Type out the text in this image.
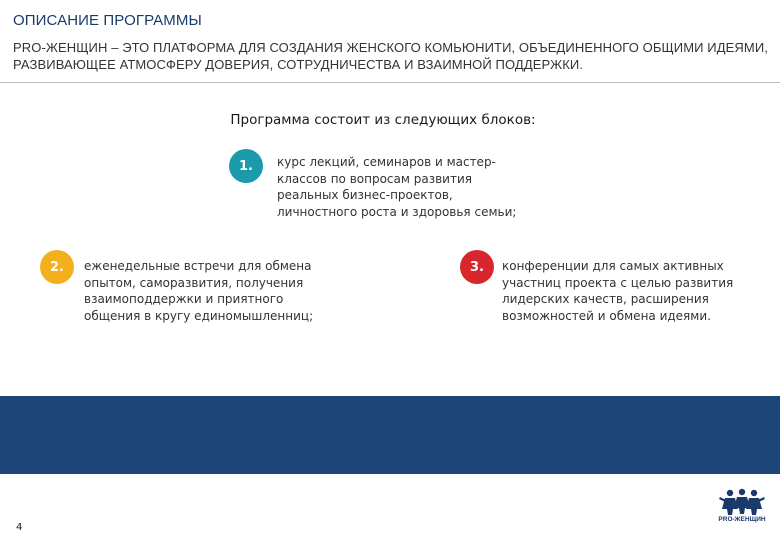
ОПИСАНИЕ ПРОГРАММЫ
PRO-ЖЕНЩИН – ЭТО ПЛАТФОРМА ДЛЯ СОЗДАНИЯ ЖЕНСКОГО КОМЬЮНИТИ, ОБЪЕДИНЕННОГО ОБЩИМИ ИДЕЯМИ, РАЗВИВАЮЩЕЕ АТМОСФЕРУ ДОВЕРИЯ, СОТРУДНИЧЕСТВА И ВЗАИМНОЙ ПОДДЕРЖКИ.
Программа состоит из следующих блоков:
1.	курс лекций, семинаров и мастер-классов по вопросам развития реальных бизнес-проектов, личностного роста и здоровья семьи;
2.	еженедельные встречи для обмена опытом, саморазвития, получения взаимоподдержки и приятного общения в кругу единомышленниц;
3.	конференции для самых активных участниц проекта с целью развития лидерских качеств, расширения возможностей и обмена идеями.
4
PRO-ЖЕНЩИН
